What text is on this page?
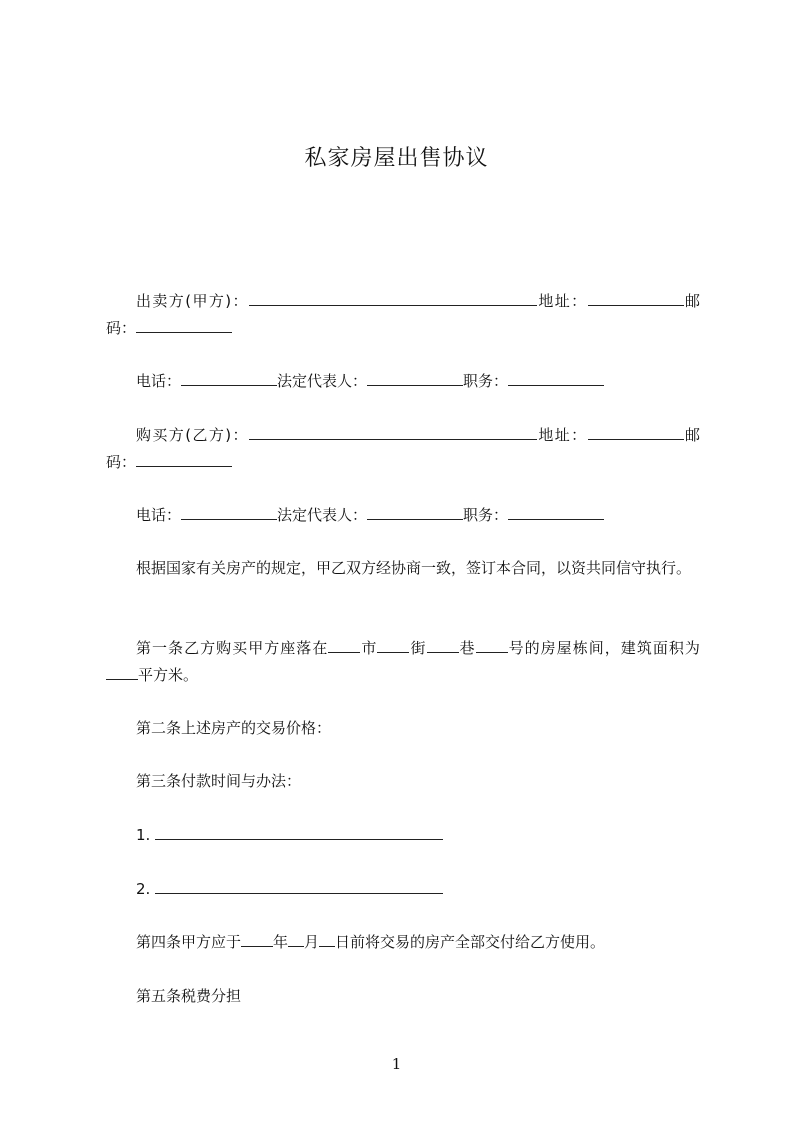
私家房屋出售协议
出卖方(甲方)：	地址：	邮码：
电话：	法定代表人：	职务：
购买方(乙方)：	地址：	邮码：
电话：	法定代表人：	职务：
根据国家有关房产的规定，甲乙双方经协商一致，签订本合同，以资共同信守执行。
第一条乙方购买甲方座落在 市 街 巷 号的房屋栋间，建筑面积为平方米。
第二条上述房产的交易价格：
第三条付款时间与办法：
1.
2.
第四条甲方应于 年 月 日前将交易的房产全部交付给乙方使用。
第五条税费分担
1
